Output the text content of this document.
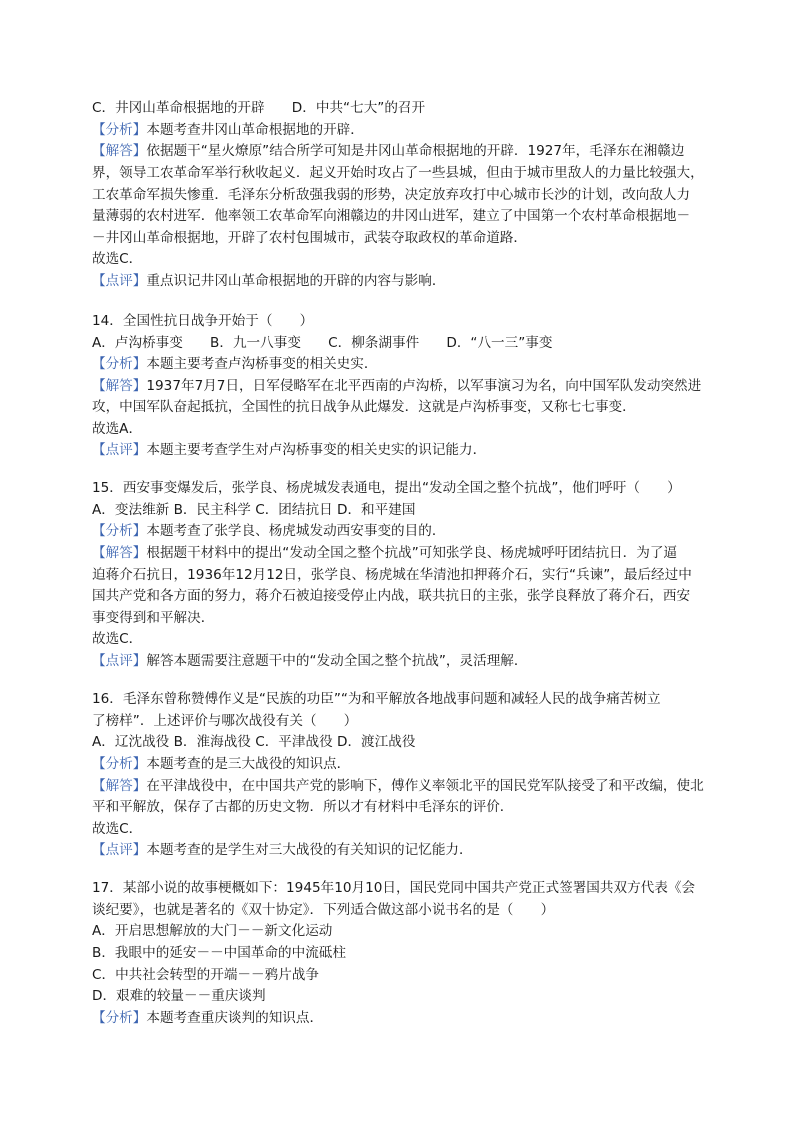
C．井冈山革命根据地的开辟　　D．中共“七大”的召开
【分析】本题考查井冈山革命根据地的开辟．
【解答】依据题干“星火燎原”结合所学可知是井冈山革命根据地的开辟．1927年，毛泽东在湘赣边
界，领导工农革命军举行秋收起义．起义开始时攻占了一些县城，但由于城市里敌人的力量比较强大，
工农革命军损失惨重．毛泽东分析敌强我弱的形势，决定放弃攻打中心城市长沙的计划，改向敌人力
量薄弱的农村进军．他率领工农革命军向湘赣边的井冈山进军，建立了中国第一个农村革命根据地－
－井冈山革命根据地，开辟了农村包围城市，武装夺取政权的革命道路．
故选C．
【点评】重点识记井冈山革命根据地的开辟的内容与影响．
14．全国性抗日战争开始于（　　）
A．卢沟桥事变　　B．九一八事变　　C．柳条湖事件　　D．“八一三”事变
【分析】本题主要考查卢沟桥事变的相关史实．
【解答】1937年7月7日，日军侵略军在北平西南的卢沟桥，以军事演习为名，向中国军队发动突然进
攻，中国军队奋起抵抗，全国性的抗日战争从此爆发．这就是卢沟桥事变，又称七七事变．
故选A．
【点评】本题主要考查学生对卢沟桥事变的相关史实的识记能力．
15．西安事变爆发后，张学良、杨虎城发表通电，提出“发动全国之整个抗战”，他们呼吁（　　）
A．变法维新 B．民主科学 C．团结抗日 D．和平建国
【分析】本题考查了张学良、杨虎城发动西安事变的目的．
【解答】根据题干材料中的提出“发动全国之整个抗战”可知张学良、杨虎城呼吁团结抗日．为了逼
迫蒋介石抗日，1936年12月12日，张学良、杨虎城在华清池扣押蒋介石，实行“兵谏”，最后经过中
国共产党和各方面的努力，蒋介石被迫接受停止内战，联共抗日的主张，张学良释放了蒋介石，西安
事变得到和平解决．
故选C．
【点评】解答本题需要注意题干中的“发动全国之整个抗战”，灵活理解．
16．毛泽东曾称赞傅作义是“民族的功臣”“为和平解放各地战事问题和减轻人民的战争痛苦树立
了榜样”．上述评价与哪次战役有关（　　）
A．辽沈战役 B．淮海战役 C．平津战役 D．渡江战役
【分析】本题考查的是三大战役的知识点．
【解答】在平津战役中，在中国共产党的影响下，傅作义率领北平的国民党军队接受了和平改编，使北
平和平解放，保存了古都的历史文物．所以才有材料中毛泽东的评价．
故选C．
【点评】本题考查的是学生对三大战役的有关知识的记忆能力．
17．某部小说的故事梗概如下：1945年10月10日，国民党同中国共产党正式签署国共双方代表《会
谈纪要》，也就是著名的《双十协定》．下列适合做这部小说书名的是（　　）
A．开启思想解放的大门－－新文化运动
B．我眼中的延安－－中国革命的中流砥柱
C．中共社会转型的开端－－鸦片战争
D．艰难的较量－－重庆谈判
【分析】本题考查重庆谈判的知识点．
